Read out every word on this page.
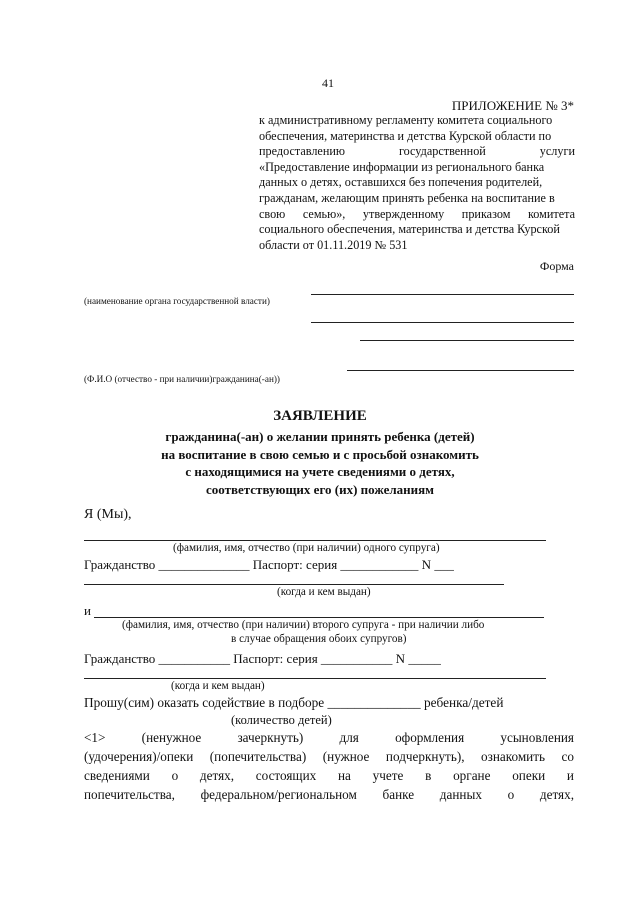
41
ПРИЛОЖЕНИЕ № 3*
к административному регламенту комитета социального
обеспечения, материнства и детства Курской области по
предоставлению государственной услуги
«Предоставление информации из регионального банка
данных о детях, оставшихся без попечения родителей,
гражданам, желающим принять ребенка на воспитание в
свою семью», утвержденному приказом комитета
социального обеспечения, материнства и детства Курской
области от 01.11.2019 № 531
Форма
(наименование органа государственной власти)
(Ф.И.О (отчество - при наличии)гражданина(-ан))
ЗАЯВЛЕНИЕ
гражданина(-ан) о желании принять ребенка (детей)
на воспитание в свою семью и с просьбой ознакомить
с находящимися на учете сведениями о детях,
соответствующих его (их) пожеланиям
Я (Мы),
(фамилия, имя, отчество (при наличии) одного супруга)
Гражданство ______________ Паспорт: серия ____________ N ___
(когда и кем выдан)
и
(фамилия, имя, отчество (при наличии) второго супруга - при наличии либо
в случае обращения обоих супругов)
Гражданство ___________ Паспорт: серия ___________ N _____
(когда и кем выдан)
Прошу(сим) оказать содействие в подборе ______________ ребенка/детей
(количество детей)
<1> (ненужное зачеркнуть) для оформления усыновления
(удочерения)/опеки (попечительства) (нужное подчеркнуть), ознакомить со
сведениями о детях, состоящих на учете в органе опеки и
попечительства, федеральном/региональном банке данных о детях,
